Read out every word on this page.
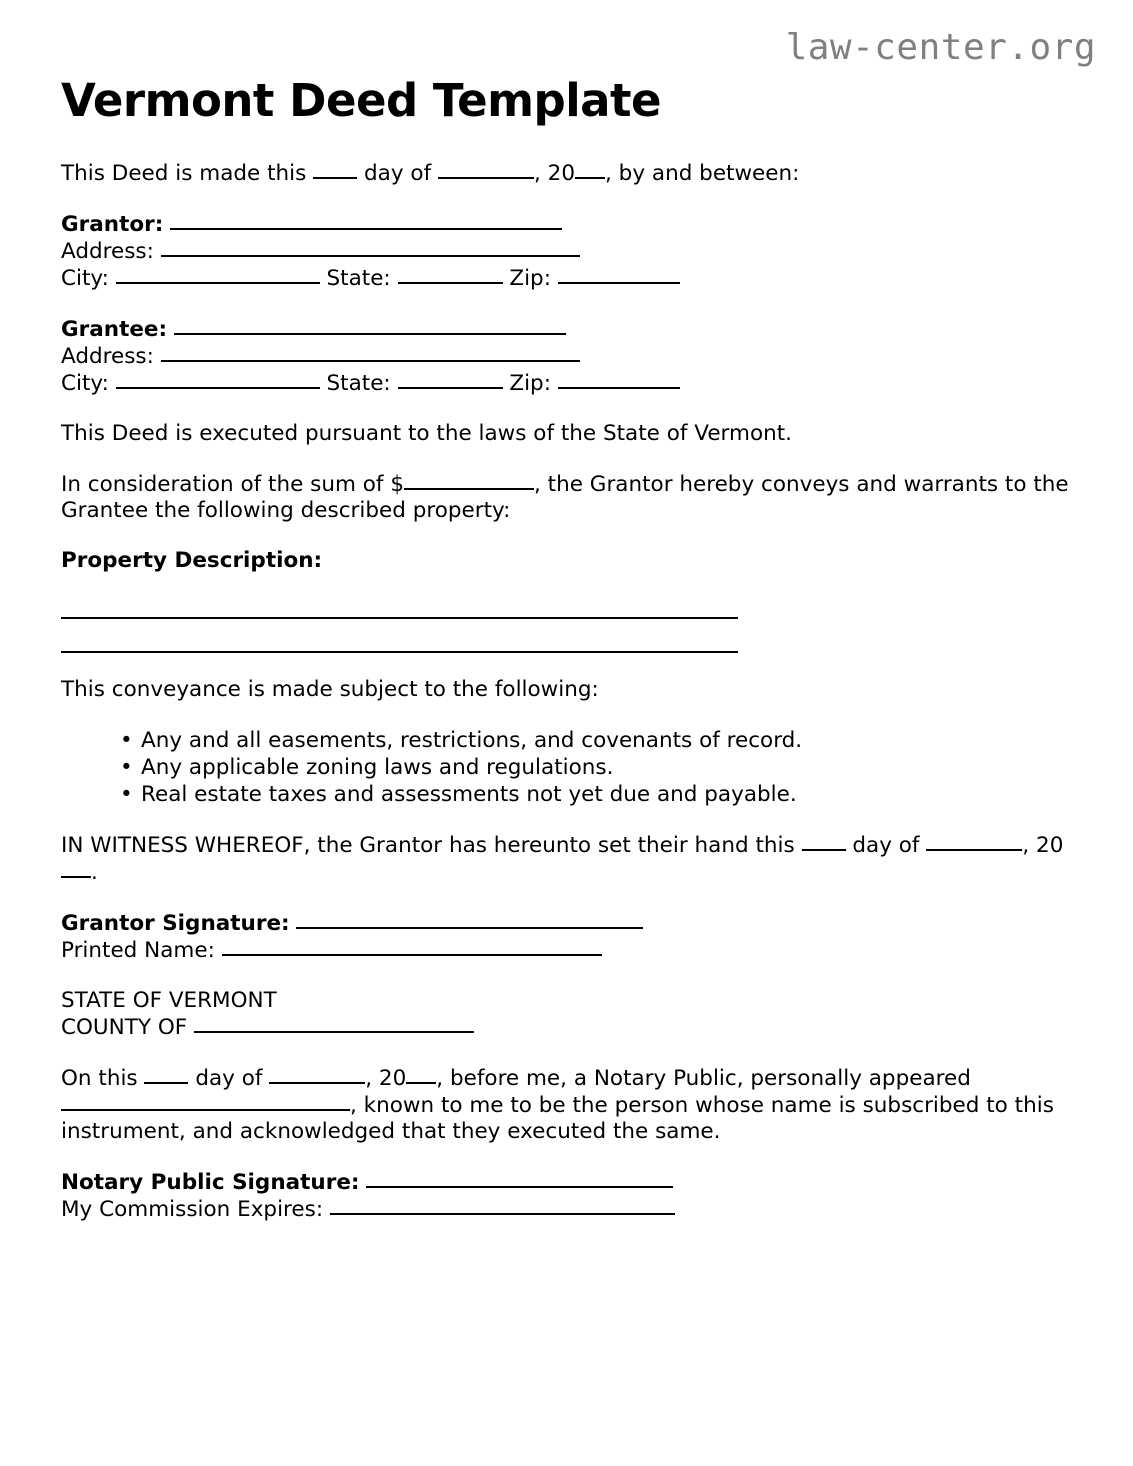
law-center.org
Vermont Deed Template

This Deed is made this	day of	, 20 , by and between:

Grantor:
Address:
City:	State:	Zip:
Grantee:
Address:
City:	State:	Zip:

This Deed is executed pursuant to the laws of the State of Vermont.

In consideration of the sum of $	, the Grantor hereby conveys and warrants to the Grantee the following described property:

Property Description:

This conveyance is made subject to the following:

• Any and all easements, restrictions, and covenants of record.
• Any applicable zoning laws and regulations.
• Real estate taxes and assessments not yet due and payable.

IN WITNESS WHEREOF, the Grantor has hereunto set their hand this	day of	, 20.

Grantor Signature:
Printed Name:
STATE OF VERMONT
COUNTY OF

On this	day of	, 20 , before me, a Notary Public, personally appeared , known to me to be the person whose name is subscribed to this instrument, and acknowledged that they executed the same.

Notary Public Signature:
My Commission Expires:
